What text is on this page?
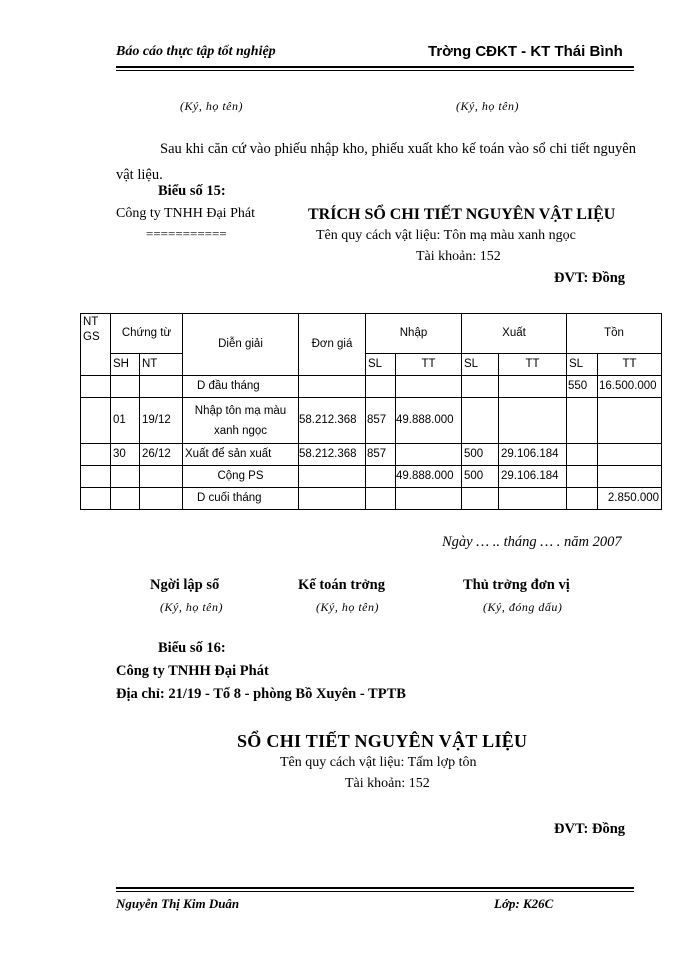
Báo cáo thực tập tốt nghiệp	Trờng CĐKT - KT Thái Bình
(Ký, họ tên)	(Ký, họ tên)
Sau khi căn cứ vào phiếu nhập kho, phiếu xuất kho kế toán vào sổ chi tiết nguyên vật liệu.
Biểu số 15:
Công ty TNHH Đại Phát
===========
TRÍCH SỔ CHI TIẾT NGUYÊN VẬT LIỆU
Tên quy cách vật liệu: Tôn mạ màu xanh ngọc
Tài khoản: 152
ĐVT: Đồng
NT GS	Chứng từ		Diễn giải	Đơn giá	Nhập		Xuất		Tồn	
	SH	NT			SL	TT	SL	TT	SL	TT
			D đầu tháng						550	16.500.000
	01	19/12	Nhập tôn mạ màu xanh ngọc	58.212.368	857	49.888.000				
	30	26/12	Xuất để sản xuất	58.212.368	857		500	29.106.184		
			Cộng PS			49.888.000	500	29.106.184		
			D cuối tháng							2.850.000
Ngày … .. tháng … . năm 2007
Ngời lập sổ
(Ký, họ tên)
Kế toán trởng
(Ký, họ tên)
Thủ trởng đơn vị
(Ký, đóng dấu)
Biểu số 16:
Công ty TNHH Đại Phát
Địa chỉ: 21/19 - Tổ 8 - phòng Bồ Xuyên - TPTB
SỔ CHI TIẾT NGUYÊN VẬT LIỆU
Tên quy cách vật liệu: Tấm lợp tôn
Tài khoản: 152
ĐVT: Đồng
Nguyễn Thị Kim Duân	Lớp: K26C
